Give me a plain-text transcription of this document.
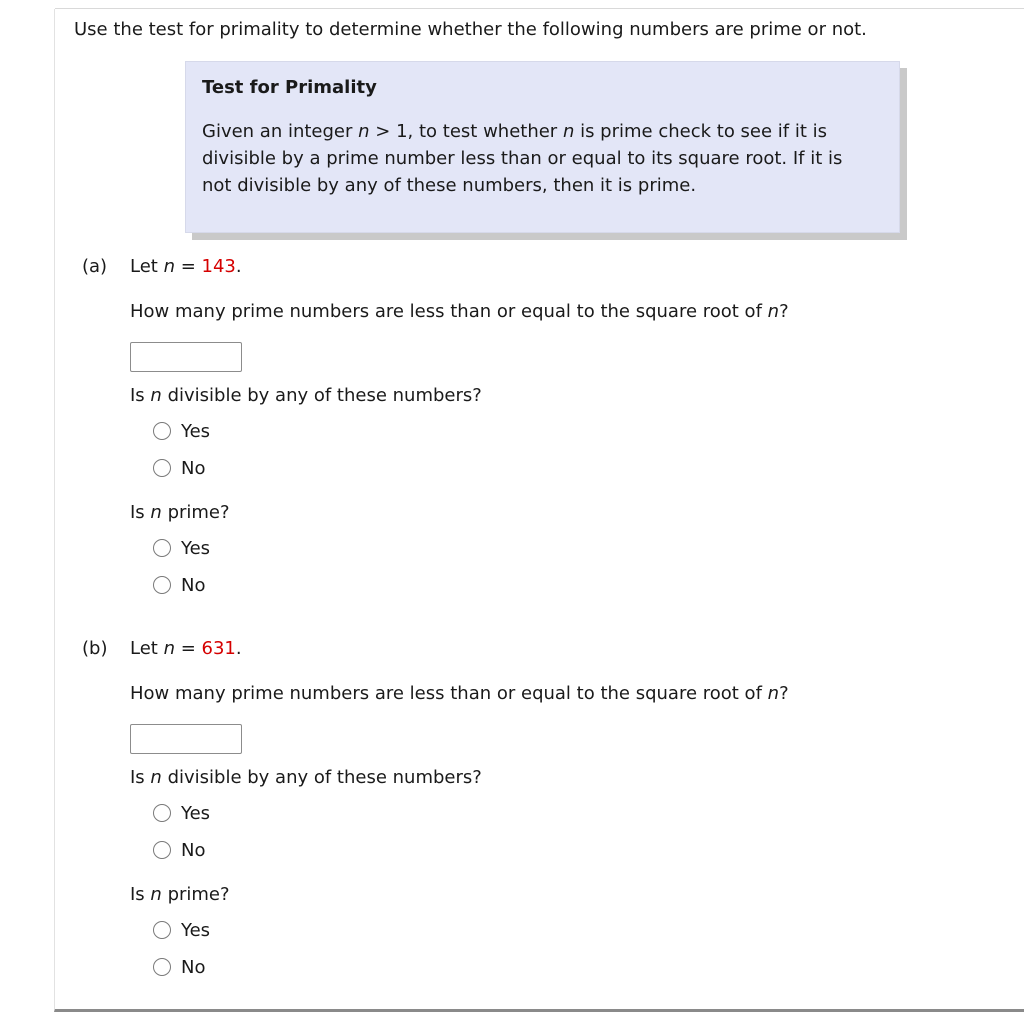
Use the test for primality to determine whether the following numbers are prime or not.
Test for Primality
Given an integer n > 1, to test whether n is prime check to see if it is
divisible by a prime number less than or equal to its square root. If it is
not divisible by any of these numbers, then it is prime.
(a) Let n = 143.
How many prime numbers are less than or equal to the square root of n?
Is n divisible by any of these numbers?
Yes
No
Is n prime?
Yes
No
(b) Let n = 631.
How many prime numbers are less than or equal to the square root of n?
Is n divisible by any of these numbers?
Yes
No
Is n prime?
Yes
No
